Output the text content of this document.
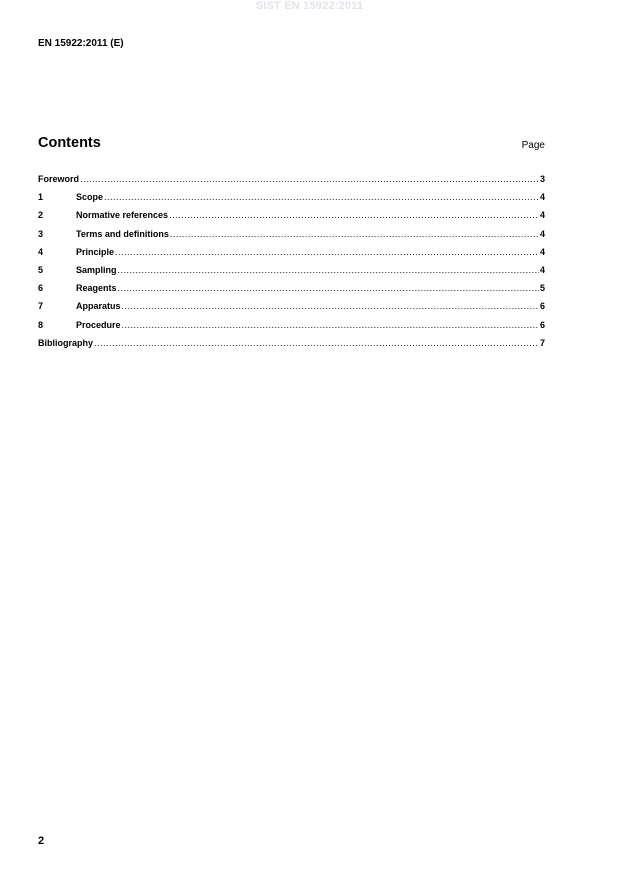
SIST EN 15922:2011
EN 15922:2011 (E)
Contents	Page
Foreword .....	3
1	Scope .....	4
2	Normative references .....	4
3	Terms and definitions .....	4
4	Principle .....	4
5	Sampling .....	4
6	Reagents .....	5
7	Apparatus .....	6
8	Procedure .....	6
Bibliography .....	7
2
